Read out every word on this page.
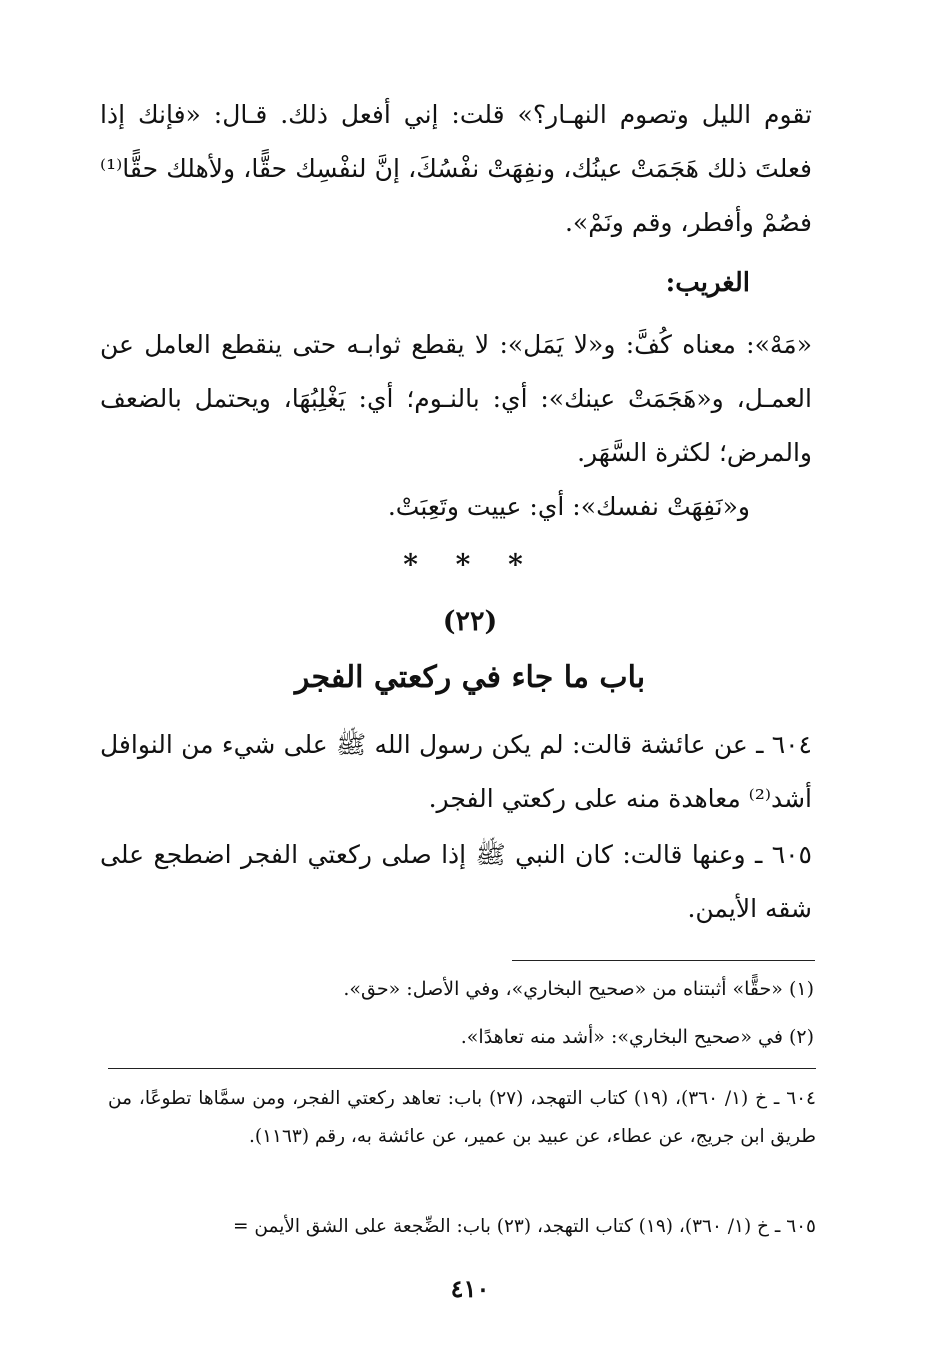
تقوم الليل وتصوم النهـار؟» قلت: إني أفعل ذلك. قـال: «فإنك إذا فعلتَ ذلك هَجَمَتْ عينُك، ونفِهَتْ نفْسُكَ، إنَّ لنفْسِك حقًّا، ولأهلك حقًّا⁽¹⁾ فصُمْ وأفطر، وقم ونَمْ».
الغريب:
«مَهْ»: معناه كُفَّ: و«لا يَمَل»: لا يقطع ثوابـه حتى ينقطع العامل عن العمـل، و«هَجَمَتْ عينك»: أي: بالنـوم؛ أي: يَغْلِبُهَا، ويحتمل بالضعف والمرض؛ لكثرة السَّهَر.
و«نَفِهَتْ نفسك»: أي: عييت وتَعِبَتْ.
* * *
(٢٢)
باب ما جاء في ركعتي الفجر
٦٠٤ ـ عن عائشة قالت: لم يكن رسول الله ﷺ على شيء من النوافل أشد⁽²⁾ معاهدة منه على ركعتي الفجر.
٦٠٥ ـ وعنها قالت: كان النبي ﷺ إذا صلى ركعتي الفجر اضطجع على شقه الأيمن.
(١) «حقًّا» أثبتناه من «صحيح البخاري»، وفي الأصل: «حق».
(٢) في «صحيح البخاري»: «أشد منه تعاهدًا».
٦٠٤ ـ خ (١/ ٣٦٠)، (١٩) كتاب التهجد، (٢٧) باب: تعاهد ركعتي الفجر، ومن سمَّاها تطوعًا، من طريق ابن جريج، عن عطاء، عن عبيد بن عمير، عن عائشة به، رقم (١١٦٣).
٦٠٥ ـ خ (١/ ٣٦٠)، (١٩) كتاب التهجد، (٢٣) باب: الضِّجعة على الشق الأيمن =
٤١٠
